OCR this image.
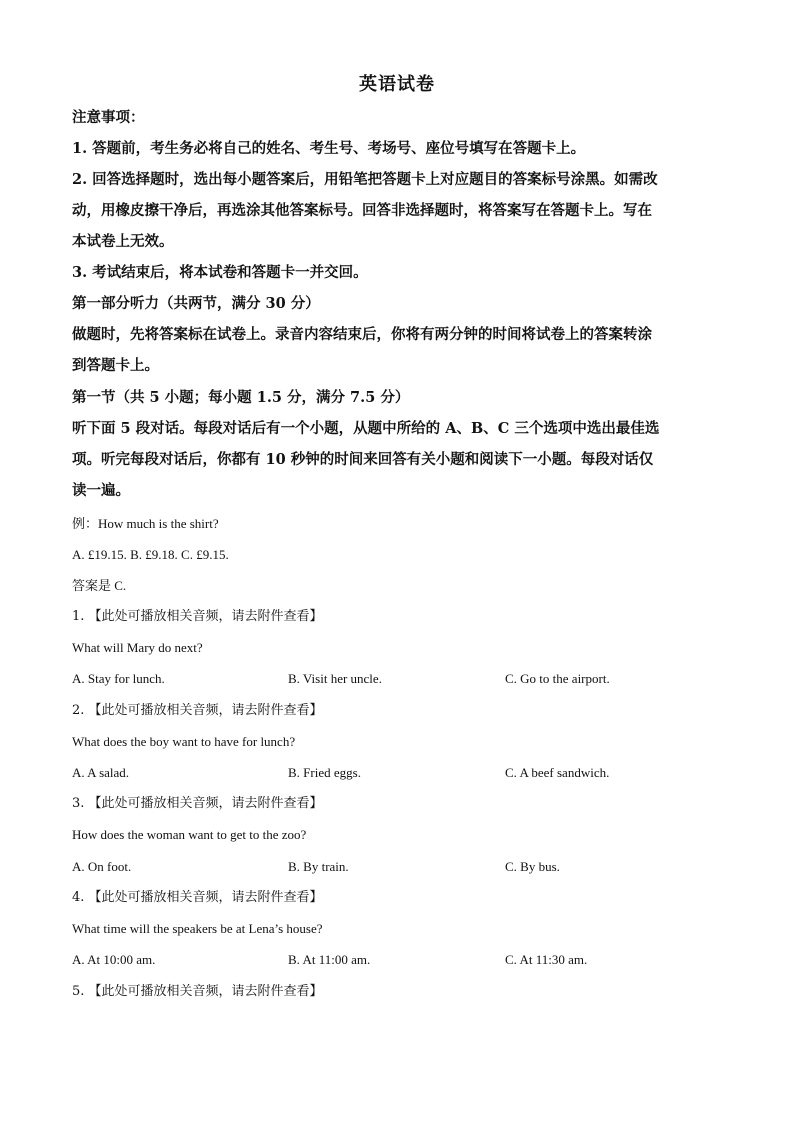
英语试卷
注意事项：
1. 答题前，考生务必将自己的姓名、考生号、考场号、座位号填写在答题卡上。
2. 回答选择题时，选出每小题答案后，用铅笔把答题卡上对应题目的答案标号涂黑。如需改
动，用橡皮擦干净后，再选涂其他答案标号。回答非选择题时，将答案写在答题卡上。写在
本试卷上无效。
3. 考试结束后，将本试卷和答题卡一并交回。
第一部分听力（共两节，满分 30 分）
做题时，先将答案标在试卷上。录音内容结束后，你将有两分钟的时间将试卷上的答案转涂
到答题卡上。
第一节（共 5 小题；每小题 1.5 分，满分 7.5 分）
听下面 5 段对话。每段对话后有一个小题，从题中所给的 A、B、C 三个选项中选出最佳选
项。听完每段对话后，你都有 10 秒钟的时间来回答有关小题和阅读下一小题。每段对话仅
读一遍。
例：How much is the shirt?
A. £19.15. B. £9.18. C. £9.15.
答案是 C.
1. 【此处可播放相关音频，请去附件查看】
What will Mary do next?
A. Stay for lunch.	B. Visit her uncle.	C. Go to the airport.
2. 【此处可播放相关音频，请去附件查看】
What does the boy want to have for lunch?
A. A salad.	B. Fried eggs.	C. A beef sandwich.
3. 【此处可播放相关音频，请去附件查看】
How does the woman want to get to the zoo?
A. On foot.	B. By train.	C. By bus.
4. 【此处可播放相关音频，请去附件查看】
What time will the speakers be at Lena’s house?
A. At 10:00 am.	B. At 11:00 am.	C. At 11:30 am.
5. 【此处可播放相关音频，请去附件查看】
